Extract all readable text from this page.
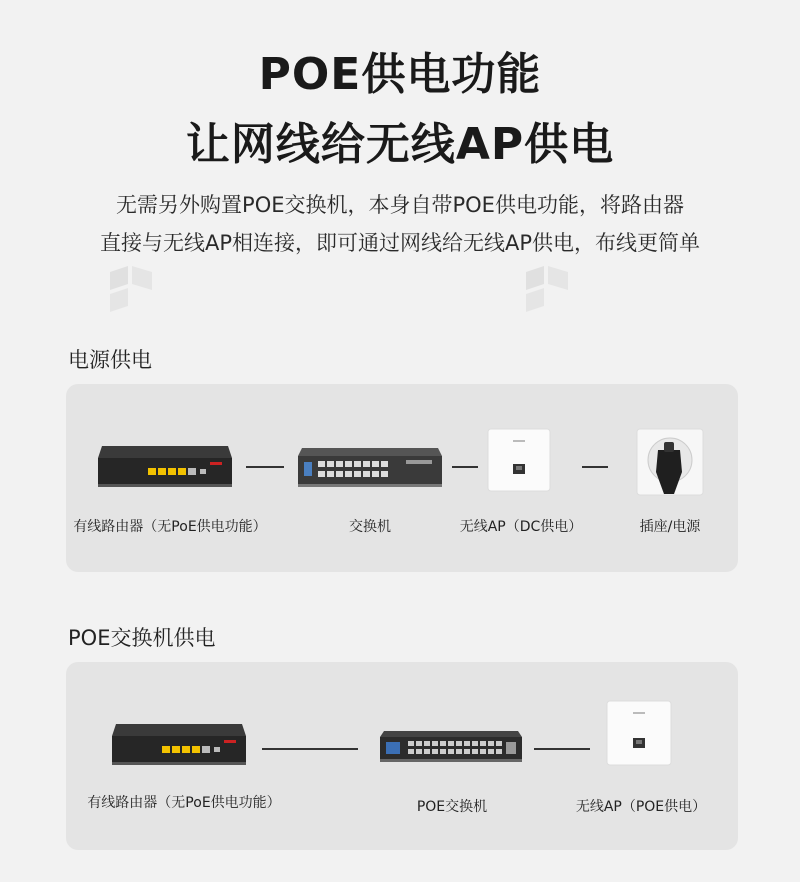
POE供电功能
让网线给无线AP供电
无需另外购置POE交换机，本身自带POE供电功能，将路由器
直接与无线AP相连接，即可通过网线给无线AP供电，布线更简单
电源供电
有线路由器（无PoE供电功能）	交换机	无线AP（DC供电）	插座/电源
POE交换机供电
有线路由器（无PoE供电功能）	POE交换机	无线AP（POE供电）
